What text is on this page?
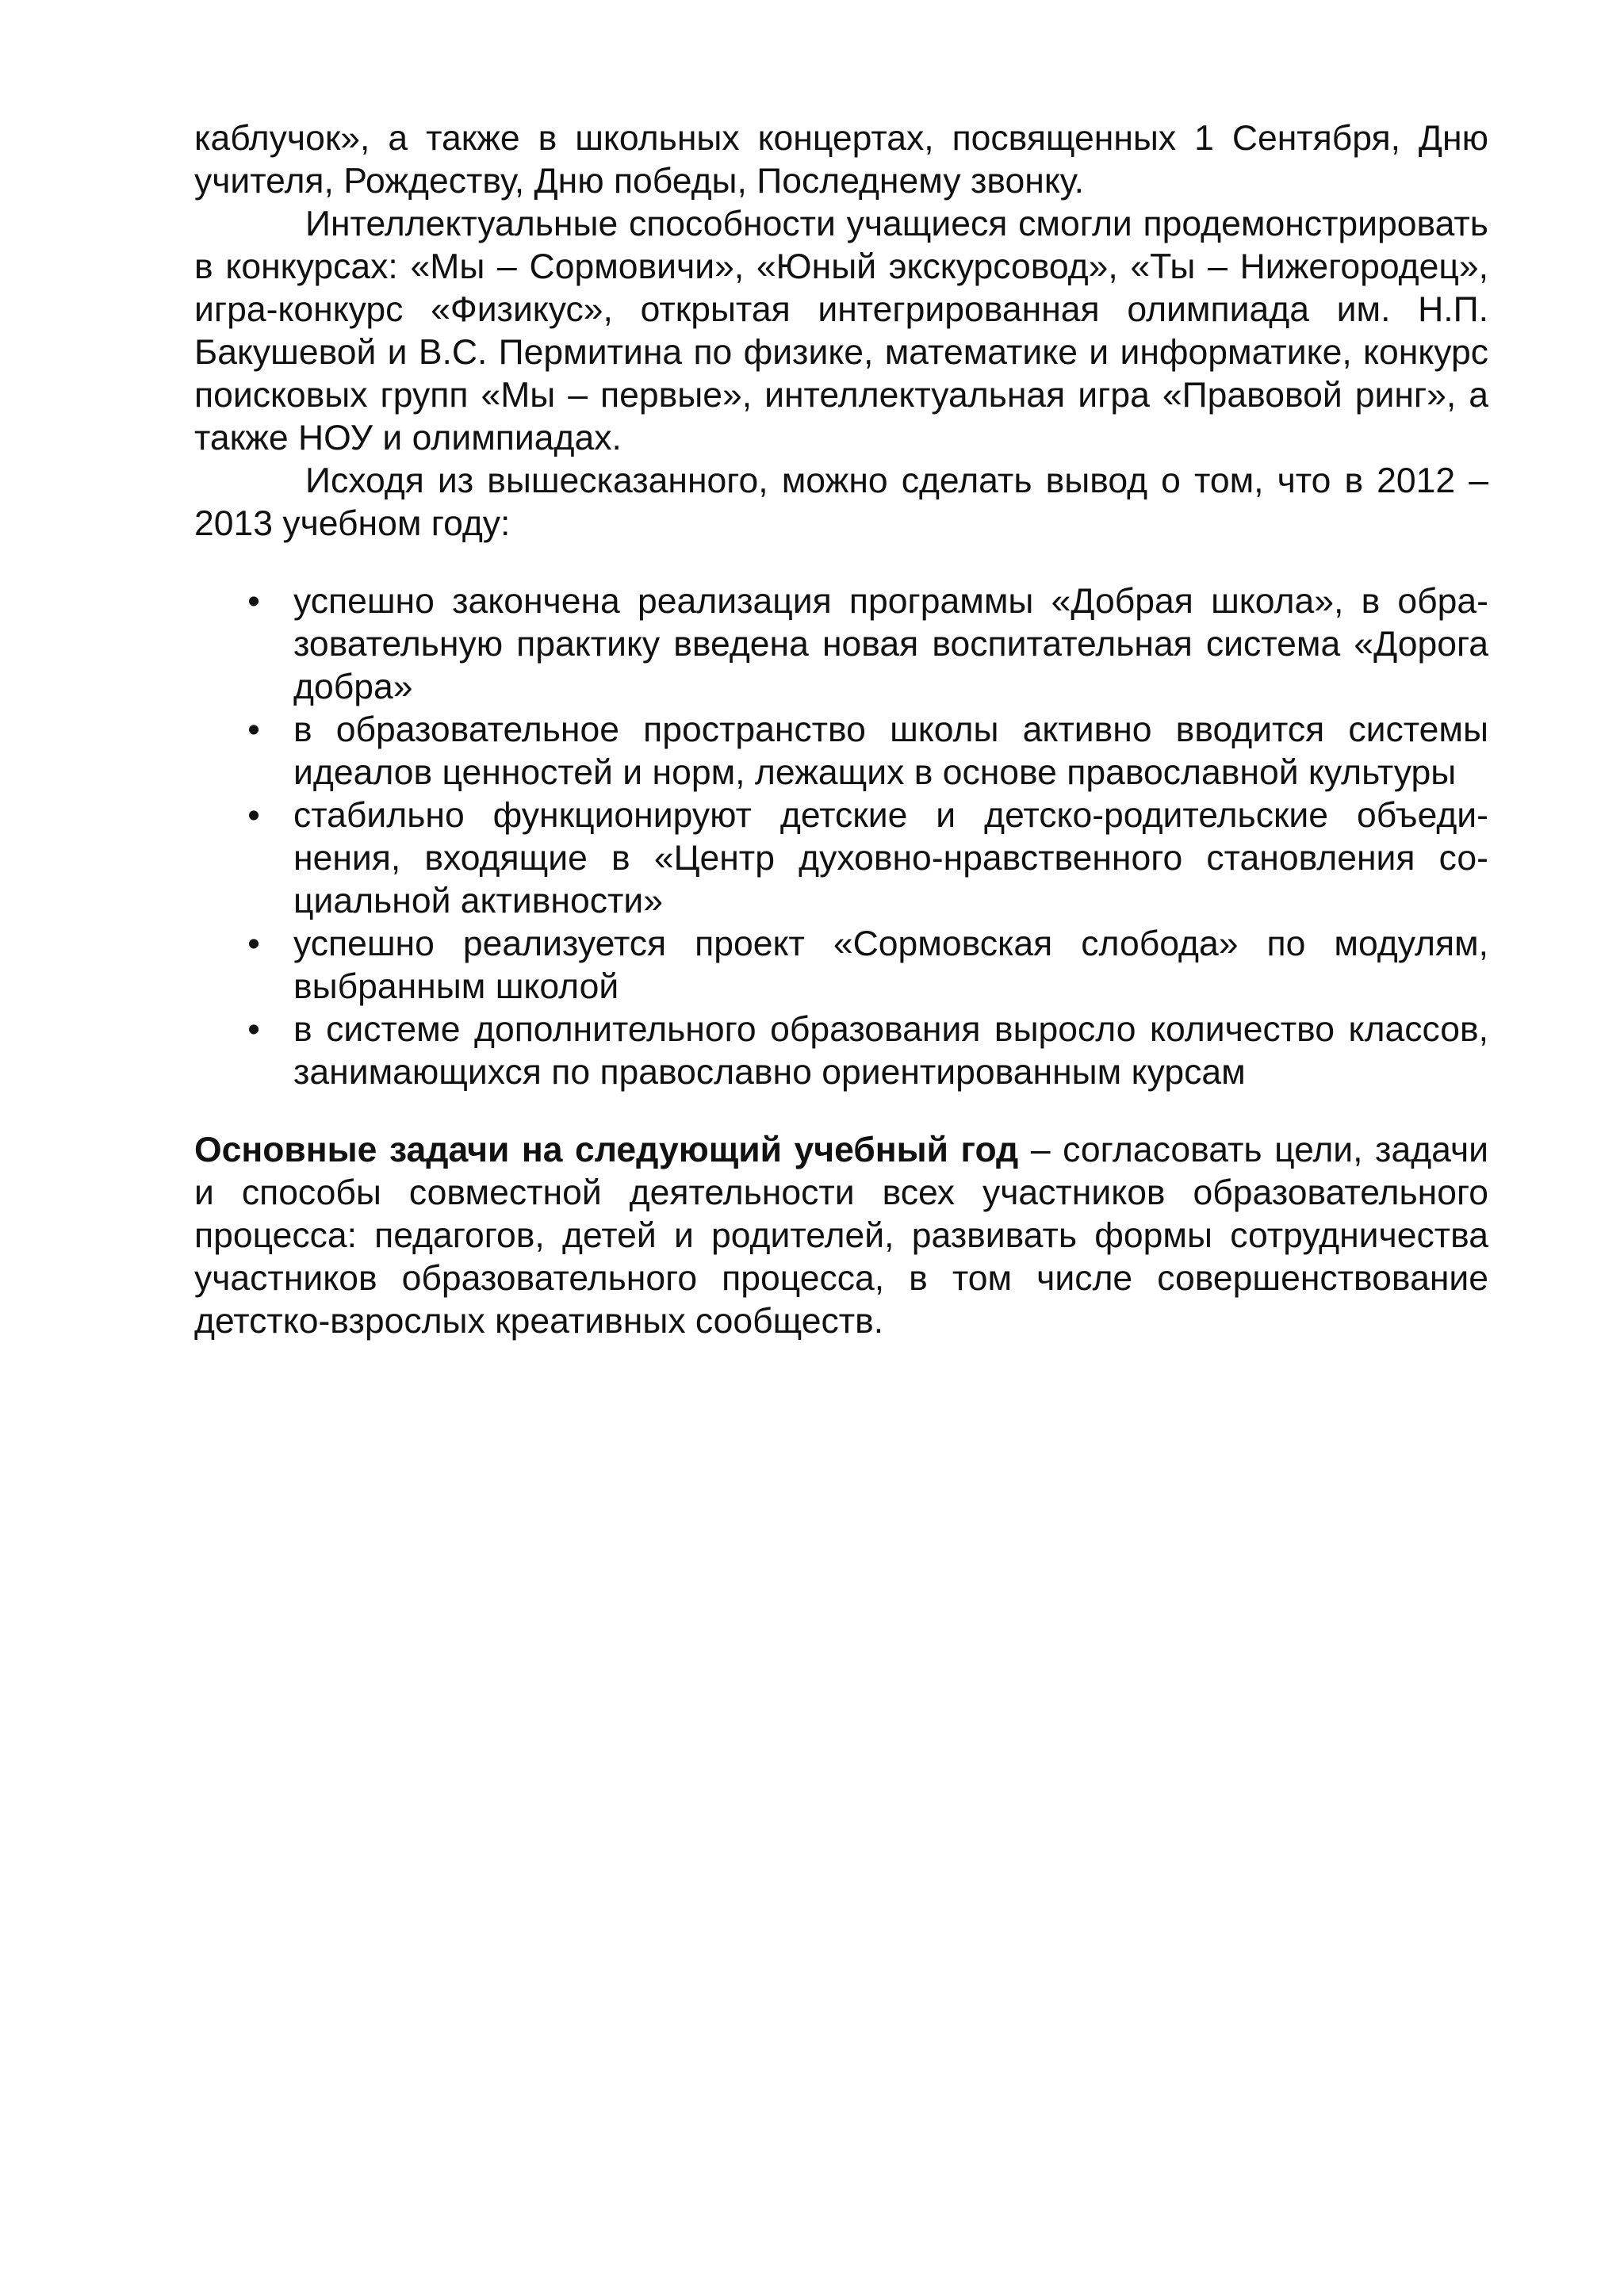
каблучок», а также в школьных концертах, посвященных 1 Сентября, Дню учителя, Рождеству, Дню победы, Последнему звонку.

Интеллектуальные способности учащиеся смогли продемонстрировать в конкурсах: «Мы – Сормовичи», «Юный экскурсовод», «Ты – Нижегородец», игра-конкурс «Физикус», открытая интегрированная олимпиада им. Н.П. Бакушевой и В.С. Пермитина по физике, математике и информатике, конкурс поисковых групп «Мы – первые», интеллектуальная игра «Правовой ринг», а также НОУ и олимпиадах.

Исходя из вышесказанного, можно сделать вывод о том, что в 2012 – 2013 учебном году:

• успешно закончена реализация программы «Добрая школа», в образовательную практику введена новая воспитательная система «Дорога добра»
• в образовательное пространство школы активно вводится системы идеалов ценностей и норм, лежащих в основе православной культуры
• стабильно функционируют детские и детско-родительские объединения, входящие в «Центр духовно-нравственного становления социальной активности»
• успешно реализуется проект «Сормовская слобода» по модулям, выбранным школой
• в системе дополнительного образования выросло количество классов, занимающихся по православно ориентированным курсам

Основные задачи на следующий учебный год – согласовать цели, задачи и способы совместной деятельности всех участников образовательного процесса: педагогов, детей и родителей, развивать формы сотрудничества участников образовательного процесса, в том числе совершенствование детстко-взрослых креативных сообществ.
